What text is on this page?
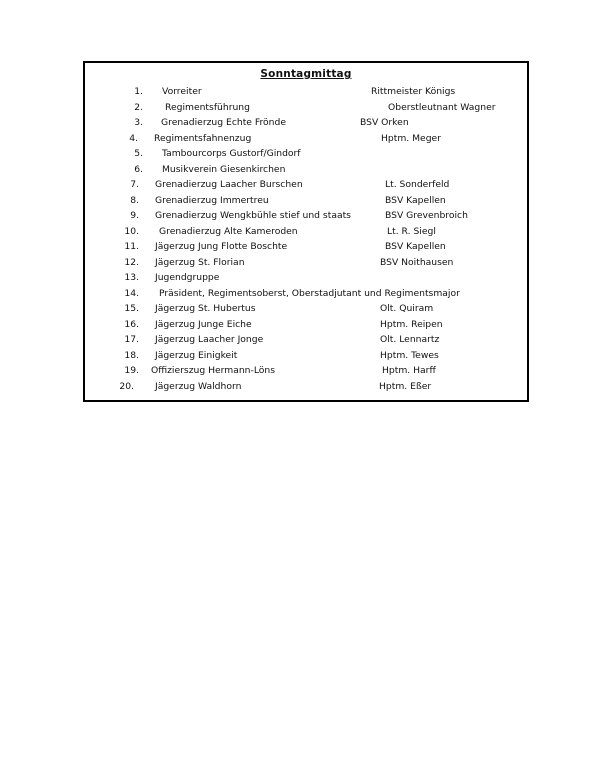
Sonntagmittag
1. Vorreiter	Rittmeister Königs
2. Regimentsführung	Oberstleutnant Wagner
3. Grenadierzug Echte Frönde	BSV Orken
4. Regimentsfahnenzug	Hptm. Meger
5. Tambourcorps Gustorf/Gindorf
6. Musikverein Giesenkirchen
7. Grenadierzug Laacher Burschen	Lt. Sonderfeld
8. Grenadierzug Immertreu	BSV Kapellen
9. Grenadierzug Wengkbühle stief und staats	BSV Grevenbroich
10. Grenadierzug Alte Kameroden	Lt. R. Siegl
11. Jägerzug Jung Flotte Boschte	BSV Kapellen
12. Jägerzug St. Florian	BSV Noithausen
13. Jugendgruppe
14. Präsident, Regimentsoberst, Oberstadjutant und Regimentsmajor
15. Jägerzug St. Hubertus	Olt. Quiram
16. Jägerzug Junge Eiche	Hptm. Reipen
17. Jägerzug Laacher Jonge	Olt. Lennartz
18. Jägerzug Einigkeit	Hptm. Tewes
19. Offizierszug Hermann-Löns	Hptm. Harff
20. Jägerzug Waldhorn	Hptm. Eßer
